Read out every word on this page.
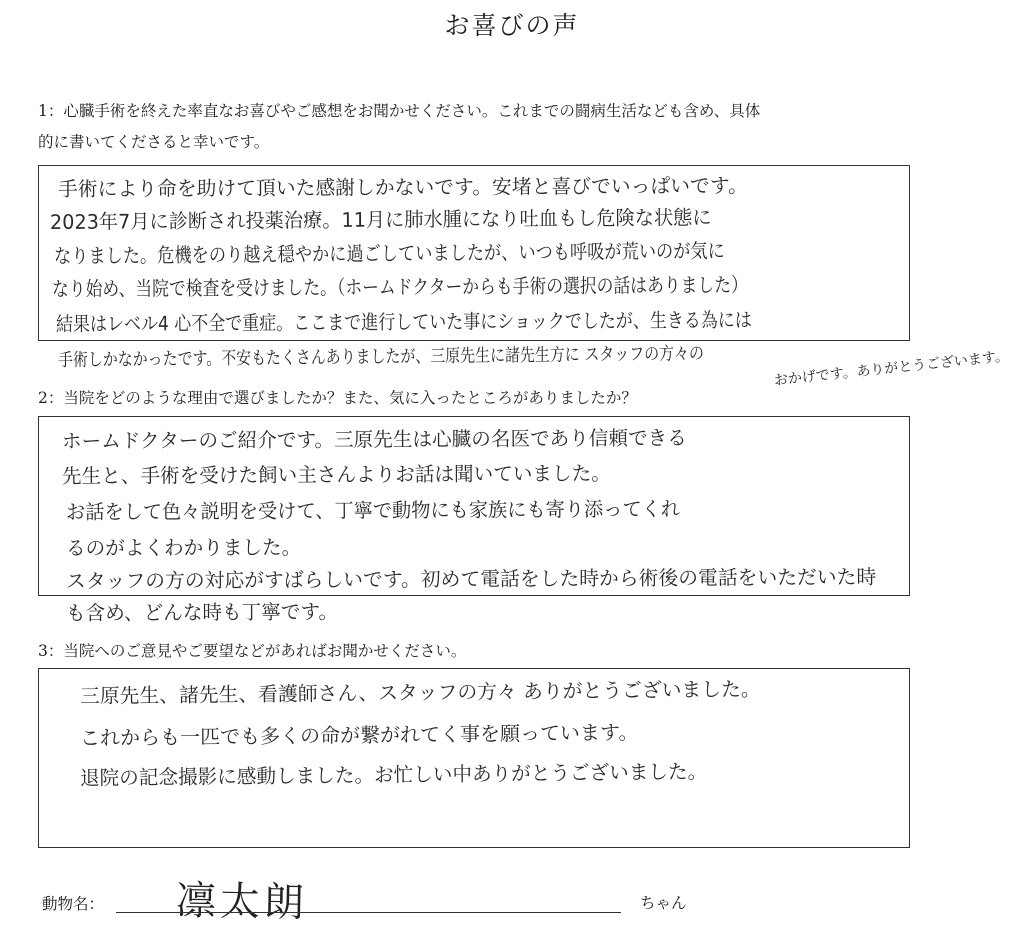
お喜びの声
1：心臓手術を終えた率直なお喜びやご感想をお聞かせください。これまでの闘病生活なども含め、具体
的に書いてくださると幸いです。
手術により命を助けて頂いた感謝しかないです。安堵と喜びでいっぱいです。
2023年7月に診断され投薬治療。11月に肺水腫になり吐血もし危険な状態に
なりました。危機をのり越え穏やかに過ごしていましたが、いつも呼吸が荒いのが気に
なり始め、当院で検査を受けました。（ホームドクターからも手術の選択の話はありました）
結果はレベル4 心不全で重症。ここまで進行していた事にショックでしたが、生きる為には
手術しかなかったです。不安もたくさんありましたが、三原先生に諸先生方に スタッフの方々の	おかげです。ありがとうございます。
2：当院をどのような理由で選びましたか？また、気に入ったところがありましたか？
ホームドクターのご紹介です。三原先生は心臓の名医であり信頼できる
先生と、手術を受けた飼い主さんよりお話は聞いていました。
お話をして色々説明を受けて、丁寧で動物にも家族にも寄り添ってくれ
るのがよくわかりました。
スタッフの方の対応がすばらしいです。初めて電話をした時から術後の電話をいただいた時
も含め、どんな時も丁寧です。
3：当院へのご意見やご要望などがあればお聞かせください。
三原先生、諸先生、看護師さん、スタッフの方々 ありがとうございました。
これからも一匹でも多くの命が繋がれてく事を願っています。
退院の記念撮影に感動しました。お忙しい中ありがとうございました。
動物名： 凛太朗	ちゃん
